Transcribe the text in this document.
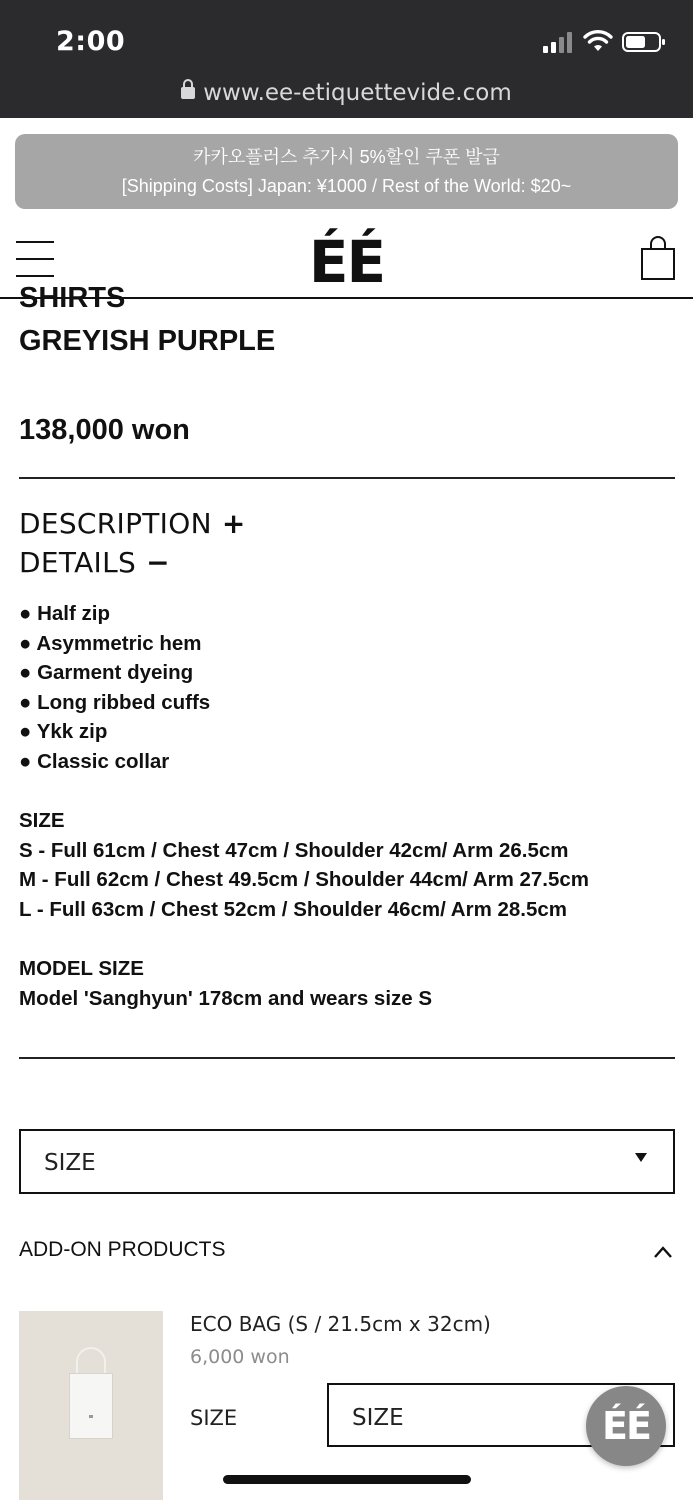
2:00
www.ee-etiquettevide.com
카카오플러스 추가시 5%할인 쿠폰 발급
[Shipping Costs] Japan: ¥1000 / Rest of the World: $20~
ÉÉ
SHIRTS
GREYISH PURPLE
138,000 won
DESCRIPTION +
DETAILS −
● Half zip
● Asymmetric hem
● Garment dyeing
● Long ribbed cuffs
● Ykk zip
● Classic collar
SIZE
S - Full 61cm / Chest 47cm / Shoulder 42cm/ Arm 26.5cm
M - Full 62cm / Chest 49.5cm / Shoulder 44cm/ Arm 27.5cm
L - Full 63cm / Chest 52cm / Shoulder 46cm/ Arm 28.5cm
MODEL SIZE
Model 'Sanghyun' 178cm and wears size S
SIZE
ADD-ON PRODUCTS
ECO BAG (S / 21.5cm x 32cm)
6,000 won
SIZE	SIZE	ÉÉ
